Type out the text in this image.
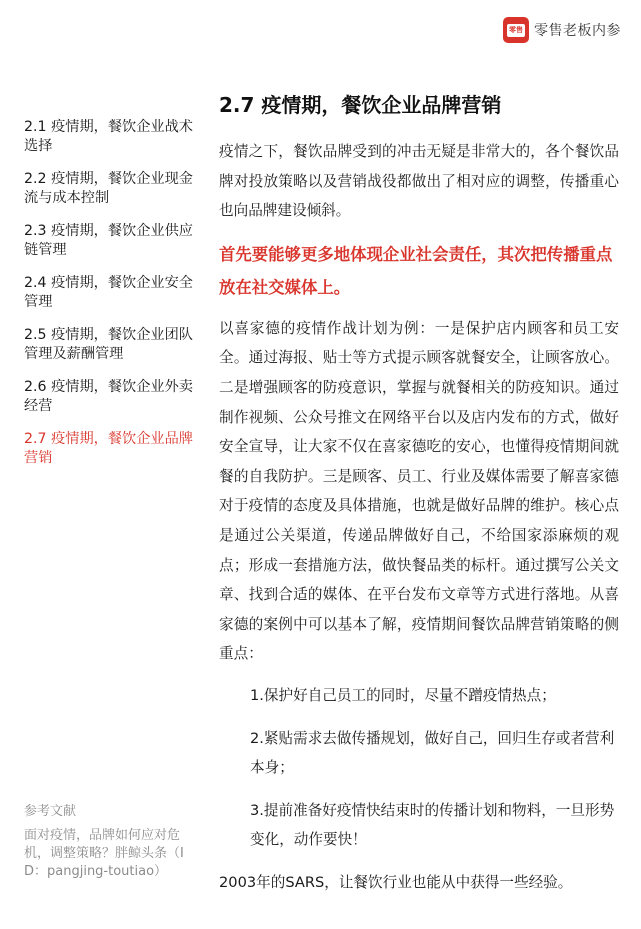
零售 零售老板内参
2.1 疫情期，餐饮企业战术选择
2.2 疫情期，餐饮企业现金流与成本控制
2.3 疫情期，餐饮企业供应链管理
2.4 疫情期，餐饮企业安全管理
2.5 疫情期，餐饮企业团队管理及薪酬管理
2.6 疫情期，餐饮企业外卖经营
2.7 疫情期，餐饮企业品牌营销
参考文献
面对疫情，品牌如何应对危机，调整策略？胖鲸头条（ID：pangjing-toutiao）
2.7 疫情期，餐饮企业品牌营销

疫情之下，餐饮品牌受到的冲击无疑是非常大的，各个餐饮品牌对投放策略以及营销战役都做出了相对应的调整，传播重心也向品牌建设倾斜。

首先要能够更多地体现企业社会责任，其次把传播重点放在社交媒体上。

以喜家德的疫情作战计划为例：一是保护店内顾客和员工安全。通过海报、贴士等方式提示顾客就餐安全，让顾客放心。二是增强顾客的防疫意识，掌握与就餐相关的防疫知识。通过制作视频、公众号推文在网络平台以及店内发布的方式，做好安全宣导，让大家不仅在喜家德吃的安心，也懂得疫情期间就餐的自我防护。三是顾客、员工、行业及媒体需要了解喜家德对于疫情的态度及具体措施，也就是做好品牌的维护。核心点是通过公关渠道，传递品牌做好自己，不给国家添麻烦的观点；形成一套措施方法，做快餐品类的标杆。通过撰写公关文章、找到合适的媒体、在平台发布文章等方式进行落地。从喜家德的案例中可以基本了解，疫情期间餐饮品牌营销策略的侧重点：

1.保护好自己员工的同时，尽量不蹭疫情热点；
2.紧贴需求去做传播规划，做好自己，回归生存或者营利本身；
3.提前准备好疫情快结束时的传播计划和物料，一旦形势变化，动作要快！

2003年的SARS，让餐饮行业也能从中获得一些经验。
